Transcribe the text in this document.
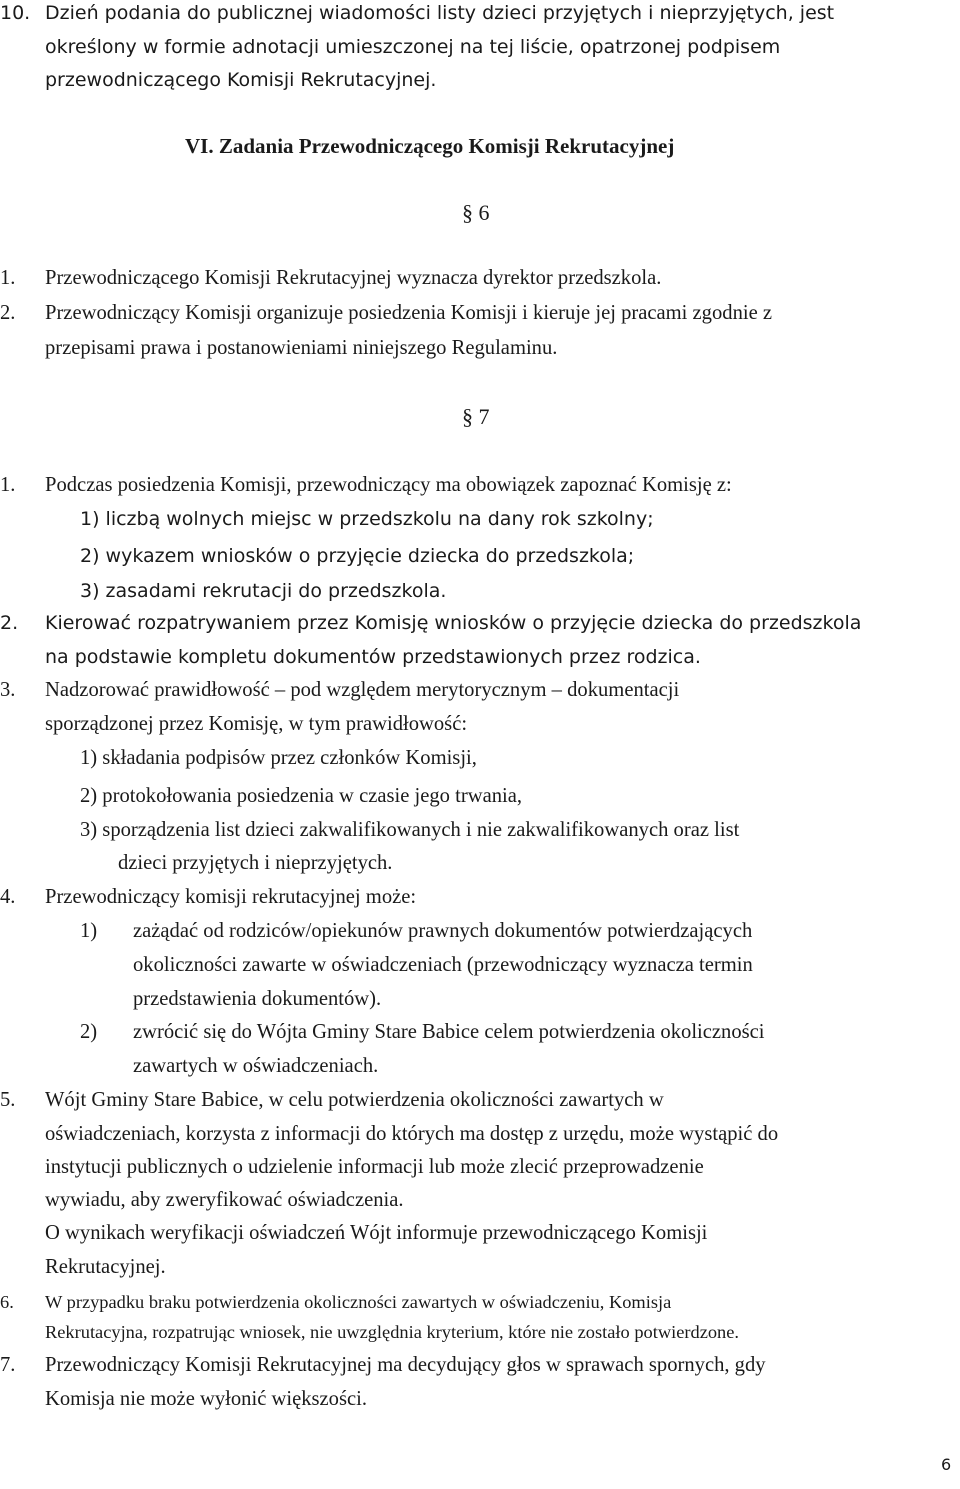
10. Dzień podania do publicznej wiadomości listy dzieci przyjętych i nieprzyjętych, jest
określony w formie adnotacji umieszczonej na tej liście, opatrzonej podpisem
przewodniczącego Komisji Rekrutacyjnej.
VI. Zadania Przewodniczącego Komisji Rekrutacyjnej
§ 6
1. Przewodniczącego Komisji Rekrutacyjnej wyznacza dyrektor przedszkola.
2. Przewodniczący Komisji organizuje posiedzenia Komisji i kieruje jej pracami zgodnie z
przepisami prawa i postanowieniami niniejszego Regulaminu.
§ 7
1. Podczas posiedzenia Komisji, przewodniczący ma obowiązek zapoznać Komisję z:
1) liczbą wolnych miejsc w przedszkolu na dany rok szkolny;
2) wykazem wniosków o przyjęcie dziecka do przedszkola;
3) zasadami rekrutacji do przedszkola.
2. Kierować rozpatrywaniem przez Komisję wniosków o przyjęcie dziecka do przedszkola
na podstawie kompletu dokumentów przedstawionych przez rodzica.
3. Nadzorować prawidłowość – pod względem merytorycznym – dokumentacji
sporządzonej przez Komisję, w tym prawidłowość:
1) składania podpisów przez członków Komisji,
2) protokołowania posiedzenia w czasie jego trwania,
3) sporządzenia list dzieci zakwalifikowanych i nie zakwalifikowanych oraz list
dzieci przyjętych i nieprzyjętych.
4. Przewodniczący komisji rekrutacyjnej może:
1) zażądać od rodziców/opiekunów prawnych dokumentów potwierdzających
okoliczności zawarte w oświadczeniach (przewodniczący wyznacza termin
przedstawienia dokumentów).
2) zwrócić się do Wójta Gminy Stare Babice celem potwierdzenia okoliczności
zawartych w oświadczeniach.
5. Wójt Gminy Stare Babice, w celu potwierdzenia okoliczności zawartych w
oświadczeniach, korzysta z informacji do których ma dostęp z urzędu, może wystąpić do
instytucji publicznych o udzielenie informacji lub może zlecić przeprowadzenie
wywiadu, aby zweryfikować oświadczenia.
O wynikach weryfikacji oświadczeń Wójt informuje przewodniczącego Komisji
Rekrutacyjnej.
6. W przypadku braku potwierdzenia okoliczności zawartych w oświadczeniu, Komisja
Rekrutacyjna, rozpatrując wniosek, nie uwzględnia kryterium, które nie zostało potwierdzone.
7. Przewodniczący Komisji Rekrutacyjnej ma decydujący głos w sprawach spornych, gdy
Komisja nie może wyłonić większości.
6
